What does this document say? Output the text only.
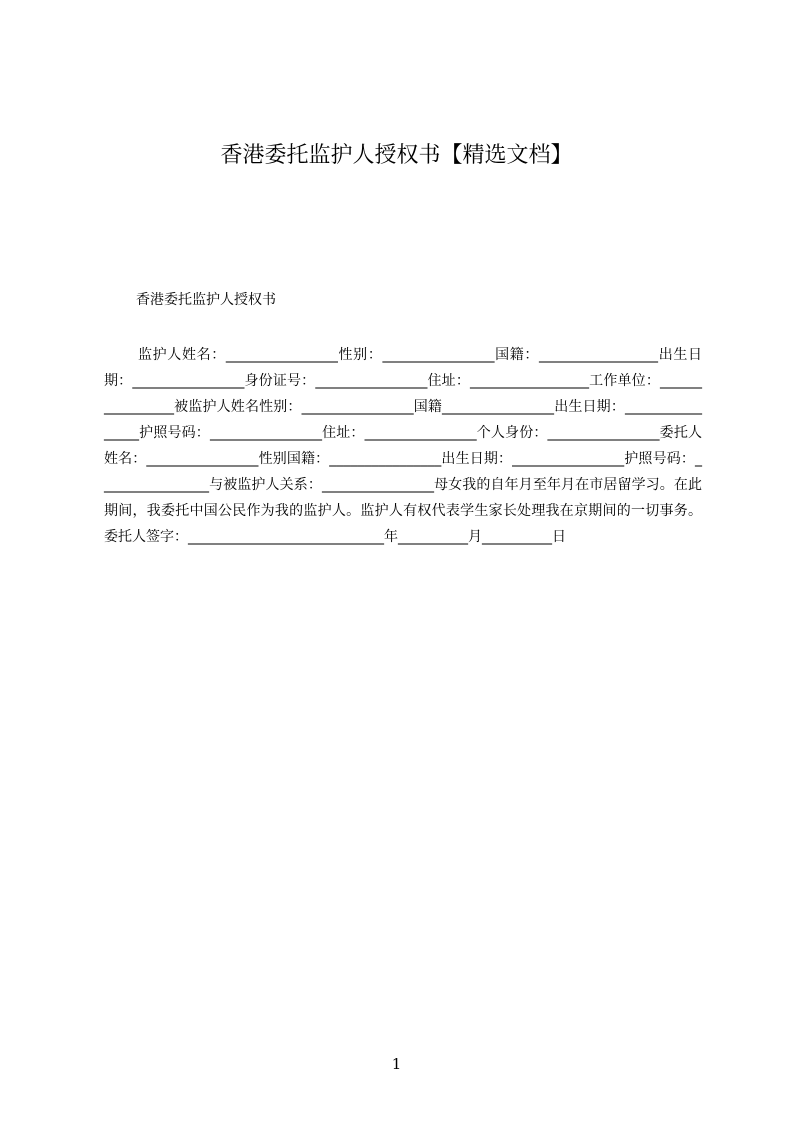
香港委托监护人授权书【精选文档】
香港委托监护人授权书
监护人姓名：________________性别：________________国籍：_________________出生日期：________________身份证号：________________住址：_________________工作单位：________________被监护人姓名性别：________________国籍________________出生日期：________________护照号码：________________住址：________________个人身份：________________委托人姓名：________________性别国籍：________________出生日期：________________护照号码：________________与被监护人关系：________________母女我的自年月至年月在市居留学习。在此期间，我委托中国公民作为我的监护人。监护人有权代表学生家长处理我在京期间的一切事务。委托人签字：____________________________年__________月__________日
1
